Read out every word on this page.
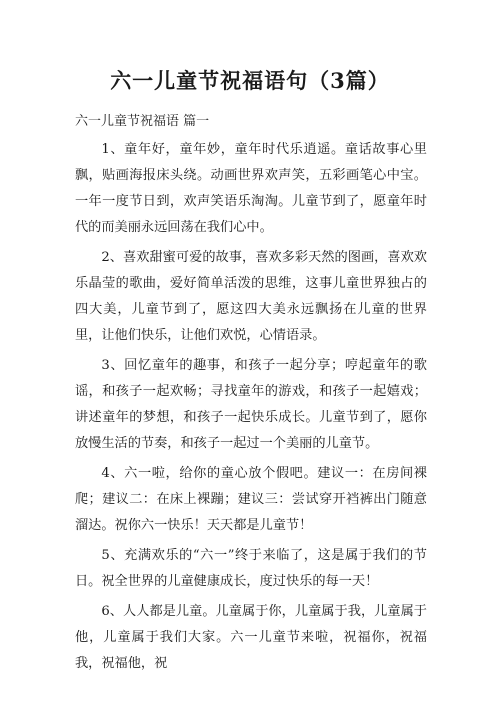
六一儿童节祝福语句（3篇）
六一儿童节祝福语 篇一

1、童年好，童年妙，童年时代乐逍遥。童话故事心里飘，贴画海报床头绕。动画世界欢声笑，五彩画笔心中宝。一年一度节日到，欢声笑语乐淘淘。儿童节到了，愿童年时代的而美丽永远回荡在我们心中。

2、喜欢甜蜜可爱的故事，喜欢多彩天然的图画，喜欢欢乐晶莹的歌曲，爱好简单活泼的思维，这事儿童世界独占的四大美，儿童节到了，愿这四大美永远飘扬在儿童的世界里，让他们快乐，让他们欢悦，心情语录。

3、回忆童年的趣事，和孩子一起分享；哼起童年的歌谣，和孩子一起欢畅；寻找童年的游戏，和孩子一起嬉戏；讲述童年的梦想，和孩子一起快乐成长。儿童节到了，愿你放慢生活的节奏，和孩子一起过一个美丽的儿童节。

4、六一啦，给你的童心放个假吧。建议一：在房间裸爬；建议二：在床上裸蹦；建议三：尝试穿开裆裤出门随意溜达。祝你六一快乐！天天都是儿童节！

5、充满欢乐的“六一”终于来临了，这是属于我们的节日。祝全世界的儿童健康成长，度过快乐的每一天！

6、人人都是儿童。儿童属于你，儿童属于我，儿童属于他，儿童属于我们大家。六一儿童节来啦，祝福你，祝福我，祝福他，祝
